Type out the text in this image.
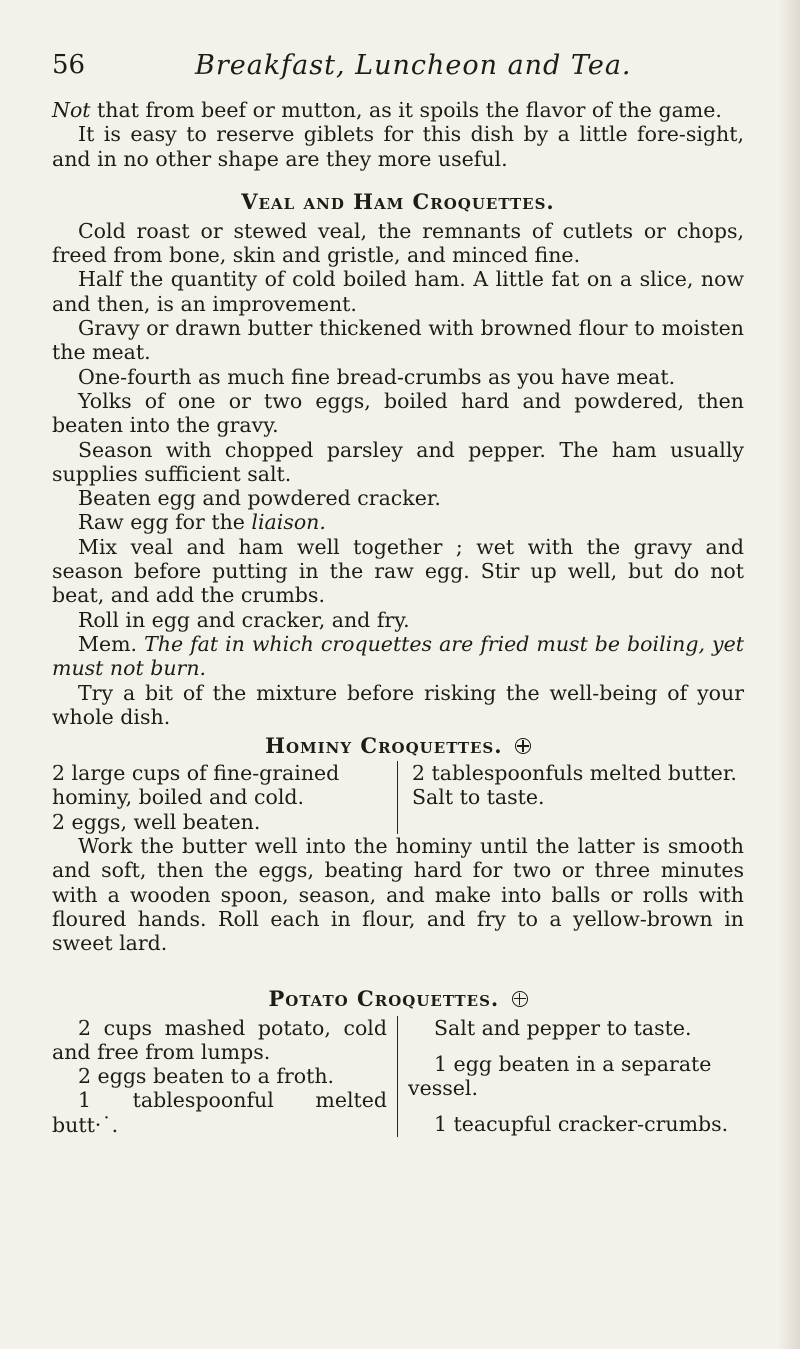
56	Breakfast, Luncheon and Tea.

Not that from beef or mutton, as it spoils the flavor of the game.

It is easy to reserve giblets for this dish by a little fore-sight, and in no other shape are they more useful.

Veal and Ham Croquettes.

Cold roast or stewed veal, the remnants of cutlets or chops, freed from bone, skin and gristle, and minced fine.

Half the quantity of cold boiled ham. A little fat on a slice, now and then, is an improvement.

Gravy or drawn butter thickened with browned flour to moisten the meat.

One-fourth as much fine bread-crumbs as you have meat.

Yolks of one or two eggs, boiled hard and powdered, then beaten into the gravy.

Season with chopped parsley and pepper. The ham usually supplies sufficient salt.

Beaten egg and powdered cracker.

Raw egg for the liaison.

Mix veal and ham well together ; wet with the gravy and season before putting in the raw egg. Stir up well, but do not beat, and add the crumbs.

Roll in egg and cracker, and fry.

Mem. The fat in which croquettes are fried must be boiling, yet must not burn.

Try a bit of the mixture before risking the well-being of your whole dish.

Hominy Croquettes.

2 large cups of fine-grained hominy, boiled and cold.

2 eggs, well beaten.

2 tablespoonfuls melted butter.

Salt to taste.

Work the butter well into the hominy until the latter is smooth and soft, then the eggs, beating hard for two or three minutes with a wooden spoon, season, and make into balls or rolls with floured hands. Roll each in flour, and fry to a yellow-brown in sweet lard.

Potato Croquettes.

2 cups mashed potato, cold and free from lumps.

2 eggs beaten to a froth.

1 tablespoonful melted butt·˙.

Salt and pepper to taste.

1 egg beaten in a separate vessel.

1 teacupful cracker-crumbs.
